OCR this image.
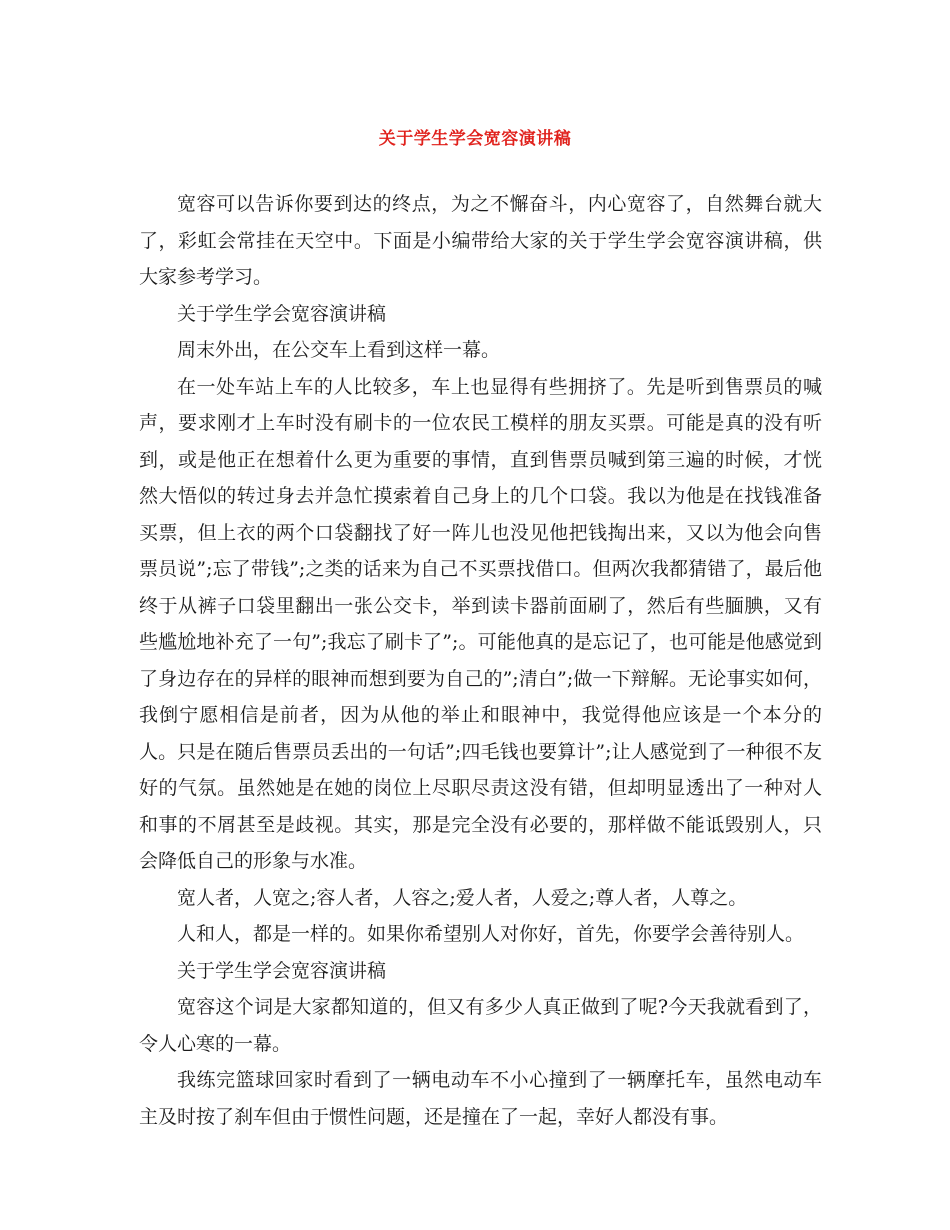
关于学生学会宽容演讲稿

宽容可以告诉你要到达的终点，为之不懈奋斗，内心宽容了，自然舞台就大了，彩虹会常挂在天空中。下面是小编带给大家的关于学生学会宽容演讲稿，供大家参考学习。

关于学生学会宽容演讲稿

周末外出，在公交车上看到这样一幕。

在一处车站上车的人比较多，车上也显得有些拥挤了。先是听到售票员的喊声，要求刚才上车时没有刷卡的一位农民工模样的朋友买票。可能是真的没有听到，或是他正在想着什么更为重要的事情，直到售票员喊到第三遍的时候，才恍然大悟似的转过身去并急忙摸索着自己身上的几个口袋。我以为他是在找钱准备买票，但上衣的两个口袋翻找了好一阵儿也没见他把钱掏出来，又以为他会向售票员说”;忘了带钱”;之类的话来为自己不买票找借口。但两次我都猜错了，最后他终于从裤子口袋里翻出一张公交卡，举到读卡器前面刷了，然后有些腼腆，又有些尴尬地补充了一句”;我忘了刷卡了”;。可能他真的是忘记了，也可能是他感觉到了身边存在的异样的眼神而想到要为自己的”;清白”;做一下辩解。无论事实如何，我倒宁愿相信是前者，因为从他的举止和眼神中，我觉得他应该是一个本分的人。只是在随后售票员丢出的一句话”;四毛钱也要算计”;让人感觉到了一种很不友好的气氛。虽然她是在她的岗位上尽职尽责这没有错，但却明显透出了一种对人和事的不屑甚至是歧视。其实，那是完全没有必要的，那样做不能诋毁别人，只会降低自己的形象与水准。

宽人者，人宽之;容人者，人容之;爱人者，人爱之;尊人者，人尊之。

人和人，都是一样的。如果你希望别人对你好，首先，你要学会善待别人。

关于学生学会宽容演讲稿

宽容这个词是大家都知道的，但又有多少人真正做到了呢?今天我就看到了，令人心寒的一幕。

我练完篮球回家时看到了一辆电动车不小心撞到了一辆摩托车，虽然电动车主及时按了刹车但由于惯性问题，还是撞在了一起，幸好人都没有事。
